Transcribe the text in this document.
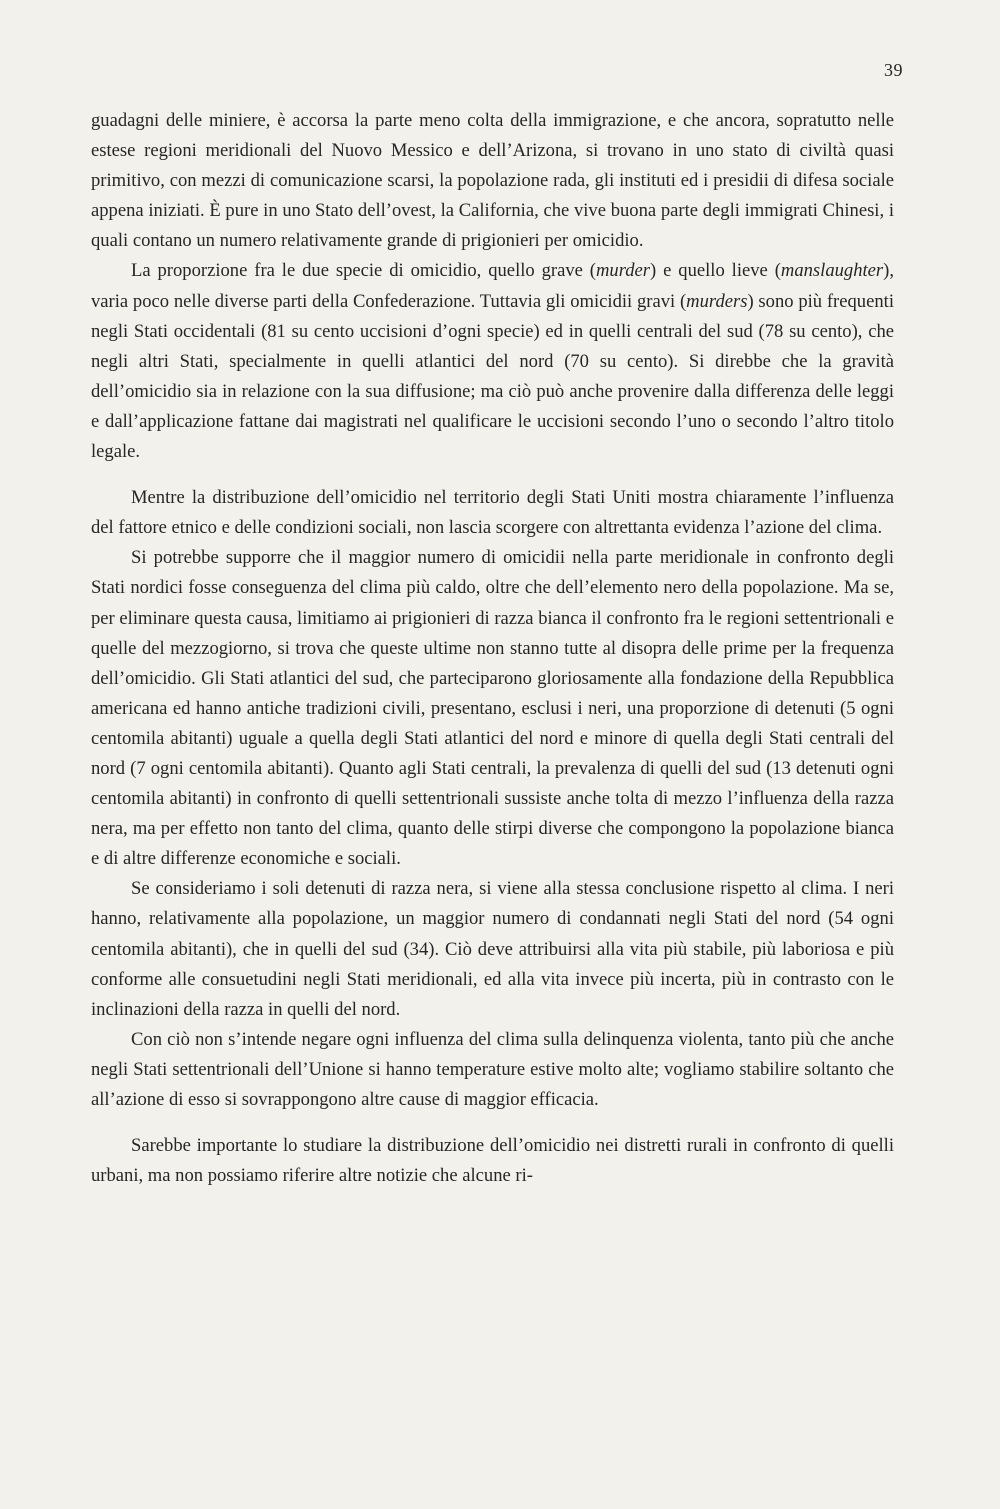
39

guadagni delle miniere, è accorsa la parte meno colta della immigrazione, e che ancora, sopratutto nelle estese regioni meridionali del Nuovo Messico e dell’Arizona, si trovano in uno stato di civiltà quasi primitivo, con mezzi di comunicazione scarsi, la popolazione rada, gli instituti ed i presidii di difesa sociale appena iniziati. È pure in uno Stato dell’ovest, la California, che vive buona parte degli immigrati Chinesi, i quali contano un numero relativamente grande di prigionieri per omicidio.

La proporzione fra le due specie di omicidio, quello grave (murder) e quello lieve (manslaughter), varia poco nelle diverse parti della Confederazione. Tuttavia gli omicidii gravi (murders) sono più frequenti negli Stati occidentali (81 su cento uccisioni d’ogni specie) ed in quelli centrali del sud (78 su cento), che negli altri Stati, specialmente in quelli atlantici del nord (70 su cento). Si direbbe che la gravità dell’omicidio sia in relazione con la sua diffusione; ma ciò può anche provenire dalla differenza delle leggi e dall’applicazione fattane dai magistrati nel qualificare le uccisioni secondo l’uno o secondo l’altro titolo legale.

Mentre la distribuzione dell’omicidio nel territorio degli Stati Uniti mostra chiaramente l’influenza del fattore etnico e delle condizioni sociali, non lascia scorgere con altrettanta evidenza l’azione del clima.

Si potrebbe supporre che il maggior numero di omicidii nella parte meridionale in confronto degli Stati nordici fosse conseguenza del clima più caldo, oltre che dell’elemento nero della popolazione. Ma se, per eliminare questa causa, limitiamo ai prigionieri di razza bianca il confronto fra le regioni settentrionali e quelle del mezzogiorno, si trova che queste ultime non stanno tutte al disopra delle prime per la frequenza dell’omicidio. Gli Stati atlantici del sud, che parteciparono gloriosamente alla fondazione della Repubblica americana ed hanno antiche tradizioni civili, presentano, esclusi i neri, una proporzione di detenuti (5 ogni centomila abitanti) uguale a quella degli Stati atlantici del nord e minore di quella degli Stati centrali del nord (7 ogni centomila abitanti). Quanto agli Stati centrali, la prevalenza di quelli del sud (13 detenuti ogni centomila abitanti) in confronto di quelli settentrionali sussiste anche tolta di mezzo l’influenza della razza nera, ma per effetto non tanto del clima, quanto delle stirpi diverse che compongono la popolazione bianca e di altre differenze economiche e sociali.

Se consideriamo i soli detenuti di razza nera, si viene alla stessa conclusione rispetto al clima. I neri hanno, relativamente alla popolazione, un maggior numero di condannati negli Stati del nord (54 ogni centomila abitanti), che in quelli del sud (34). Ciò deve attribuirsi alla vita più stabile, più laboriosa e più conforme alle consuetudini negli Stati meridionali, ed alla vita invece più incerta, più in contrasto con le inclinazioni della razza in quelli del nord.

Con ciò non s’intende negare ogni influenza del clima sulla delinquenza violenta, tanto più che anche negli Stati settentrionali dell’Unione si hanno temperature estive molto alte; vogliamo stabilire soltanto che all’azione di esso si sovrappongono altre cause di maggior efficacia.

Sarebbe importante lo studiare la distribuzione dell’omicidio nei distretti rurali in confronto di quelli urbani, ma non possiamo riferire altre notizie che alcune ri-
